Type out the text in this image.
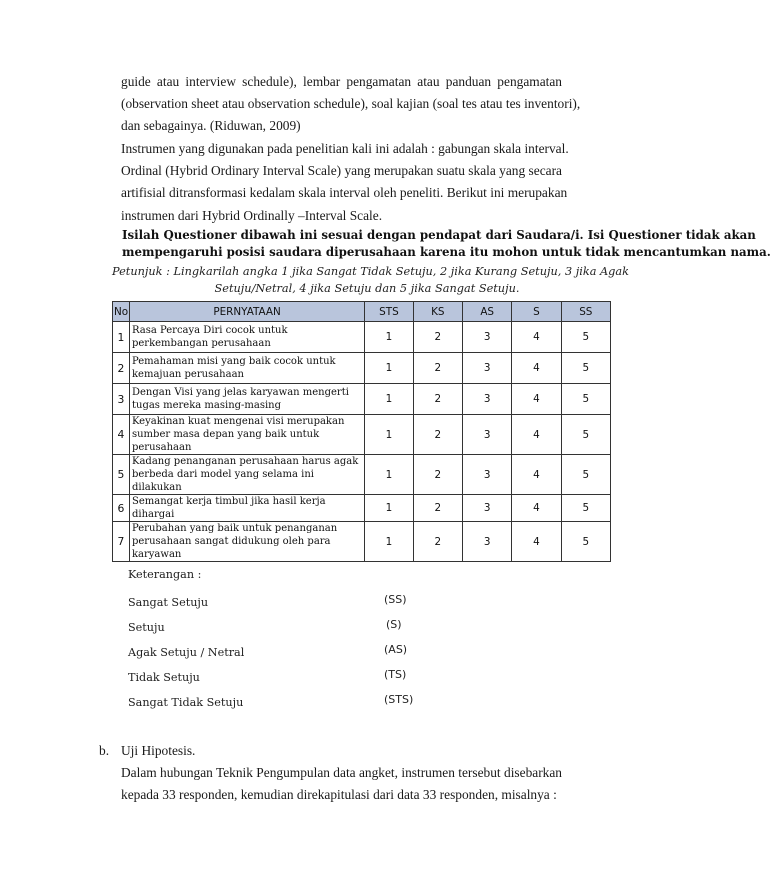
guide atau interview schedule), lembar pengamatan atau panduan pengamatan
(observation sheet atau observation schedule), soal kajian (soal tes atau tes inventori),
dan sebagainya. (Riduwan, 2009)
Instrumen yang digunakan pada penelitian kali ini adalah : gabungan skala interval.
Ordinal (Hybrid Ordinary Interval Scale) yang merupakan suatu skala yang secara
artifisial ditransformasi kedalam skala interval oleh peneliti. Berikut ini merupakan
instrumen dari Hybrid Ordinally –Interval Scale.
Isilah Questioner dibawah ini sesuai dengan pendapat dari Saudara/i. Isi Questioner tidak akan
mempengaruhi posisi saudara diperusahaan karena itu mohon untuk tidak mencantumkan nama.
Petunjuk : Lingkarilah angka 1 jika Sangat Tidak Setuju, 2 jika Kurang Setuju, 3 jika Agak
Setuju/Netral, 4 jika Setuju dan 5 jika Sangat Setuju.
No	PERNYATAAN	STS	KS	AS	S	SS
1	Rasa Percaya Diri cocok untuk perkembangan perusahaan	1	2	3	4	5
2	Pemahaman misi yang baik cocok untuk kemajuan perusahaan	1	2	3	4	5
3	Dengan Visi yang jelas karyawan mengerti tugas mereka masing-masing	1	2	3	4	5
4	Keyakinan kuat mengenai visi merupakan sumber masa depan yang baik untuk perusahaan	1	2	3	4	5
5	Kadang penanganan perusahaan harus agak berbeda dari model yang selama ini dilakukan	1	2	3	4	5
6	Semangat kerja timbul jika hasil kerja dihargai	1	2	3	4	5
7	Perubahan yang baik untuk penanganan perusahaan sangat didukung oleh para karyawan	1	2	3	4	5
Keterangan :
Sangat Setuju	(SS)
Setuju	(S)
Agak Setuju / Netral	(AS)
Tidak Setuju	(TS)
Sangat Tidak Setuju	(STS)
b. Uji Hipotesis.
Dalam hubungan Teknik Pengumpulan data angket, instrumen tersebut disebarkan
kepada 33 responden, kemudian direkapitulasi dari data 33 responden, misalnya :
